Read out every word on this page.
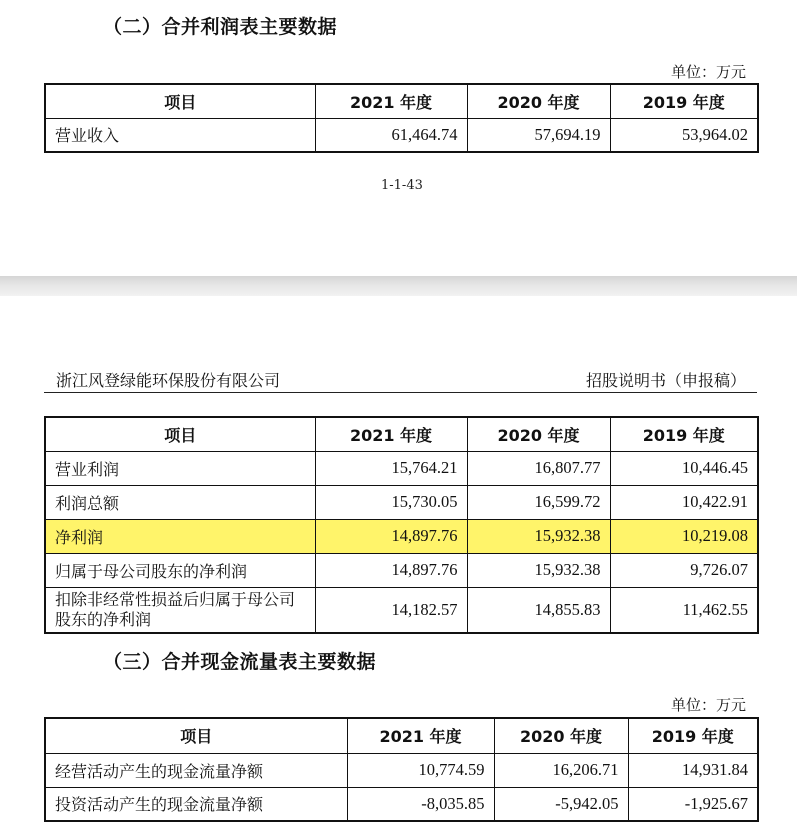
（二）合并利润表主要数据
单位：万元
项目	2021 年度	2020 年度	2019 年度
营业收入	61,464.74	57,694.19	53,964.02
1-1-43
浙江风登绿能环保股份有限公司	招股说明书（申报稿）
项目	2021 年度	2020 年度	2019 年度
营业利润	15,764.21	16,807.77	10,446.45
利润总额	15,730.05	16,599.72	10,422.91
净利润	14,897.76	15,932.38	10,219.08
归属于母公司股东的净利润	14,897.76	15,932.38	9,726.07
扣除非经常性损益后归属于母公司股东的净利润	14,182.57	14,855.83	11,462.55
（三）合并现金流量表主要数据
单位：万元
项目	2021 年度	2020 年度	2019 年度
经营活动产生的现金流量净额	10,774.59	16,206.71	14,931.84
投资活动产生的现金流量净额	-8,035.85	-5,942.05	-1,925.67
